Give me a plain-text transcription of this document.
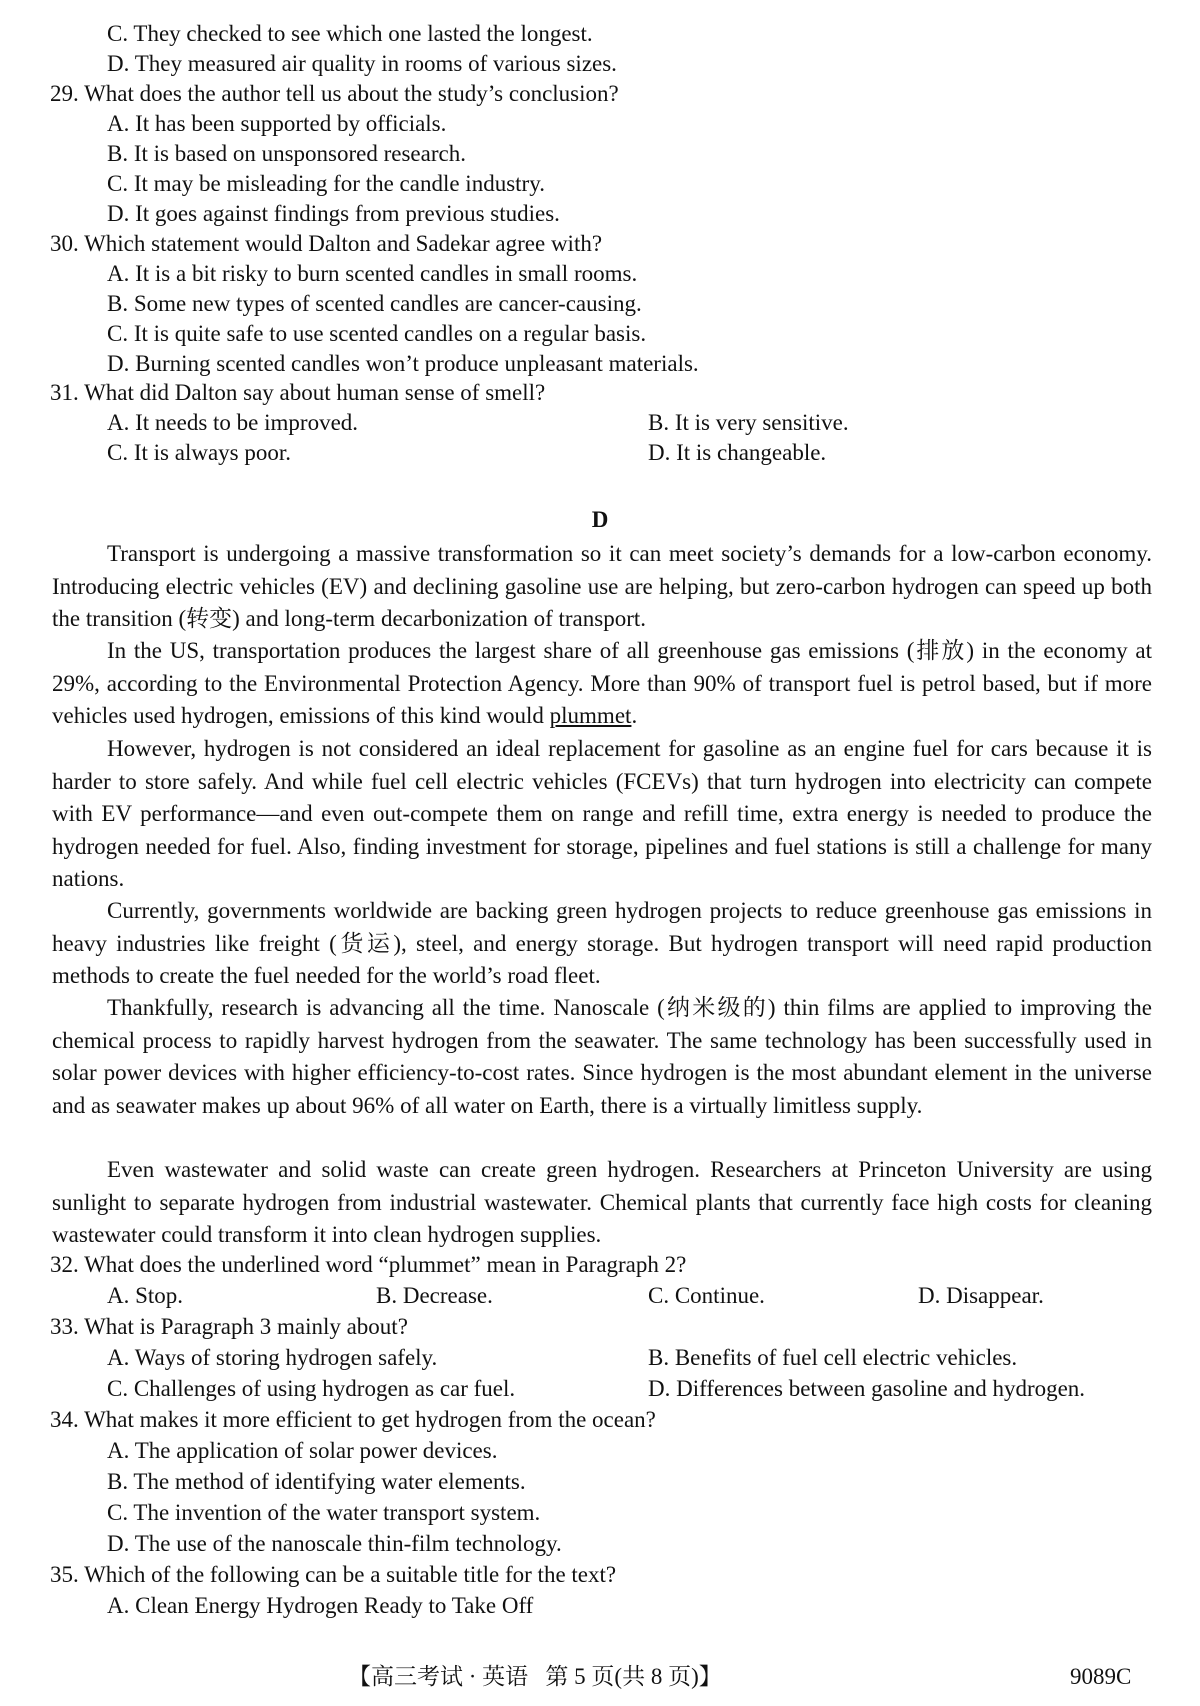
C. They checked to see which one lasted the longest.
D. They measured air quality in rooms of various sizes.
29. What does the author tell us about the study’s conclusion?
A. It has been supported by officials.
B. It is based on unsponsored research.
C. It may be misleading for the candle industry.
D. It goes against findings from previous studies.
30. Which statement would Dalton and Sadekar agree with?
A. It is a bit risky to burn scented candles in small rooms.
B. Some new types of scented candles are cancer-causing.
C. It is quite safe to use scented candles on a regular basis.
D. Burning scented candles won’t produce unpleasant materials.
31. What did Dalton say about human sense of smell?
A. It needs to be improved.	B. It is very sensitive.
C. It is always poor.	D. It is changeable.
D
Transport is undergoing a massive transformation so it can meet society’s demands for a low-carbon economy. Introducing electric vehicles (EV) and declining gasoline use are helping, but zero-carbon hydrogen can speed up both the transition (转变) and long-term decarbonization of transport.
In the US, transportation produces the largest share of all greenhouse gas emissions (排放) in the economy at 29%, according to the Environmental Protection Agency. More than 90% of transport fuel is petrol based, but if more vehicles used hydrogen, emissions of this kind would plummet.
However, hydrogen is not considered an ideal replacement for gasoline as an engine fuel for cars because it is harder to store safely. And while fuel cell electric vehicles (FCEVs) that turn hydrogen into electricity can compete with EV performance—and even out-compete them on range and refill time, extra energy is needed to produce the hydrogen needed for fuel. Also, finding investment for storage, pipelines and fuel stations is still a challenge for many nations.
Currently, governments worldwide are backing green hydrogen projects to reduce greenhouse gas emissions in heavy industries like freight (货运), steel, and energy storage. But hydrogen transport will need rapid production methods to create the fuel needed for the world’s road fleet.
Thankfully, research is advancing all the time. Nanoscale (纳米级的) thin films are applied to improving the chemical process to rapidly harvest hydrogen from the seawater. The same technology has been successfully used in solar power devices with higher efficiency-to-cost rates. Since hydrogen is the most abundant element in the universe and as seawater makes up about 96% of all water on Earth, there is a virtually limitless supply.
Even wastewater and solid waste can create green hydrogen. Researchers at Princeton University are using sunlight to separate hydrogen from industrial wastewater. Chemical plants that currently face high costs for cleaning wastewater could transform it into clean hydrogen supplies.
32. What does the underlined word “plummet” mean in Paragraph 2?
A. Stop.	B. Decrease.	C. Continue.	D. Disappear.
33. What is Paragraph 3 mainly about?
A. Ways of storing hydrogen safely.	B. Benefits of fuel cell electric vehicles.
C. Challenges of using hydrogen as car fuel.	D. Differences between gasoline and hydrogen.
34. What makes it more efficient to get hydrogen from the ocean?
A. The application of solar power devices.
B. The method of identifying water elements.
C. The invention of the water transport system.
D. The use of the nanoscale thin-film technology.
35. Which of the following can be a suitable title for the text?
A. Clean Energy Hydrogen Ready to Take Off
【高三考试 · 英语 第 5 页(共 8 页)】	9089C
